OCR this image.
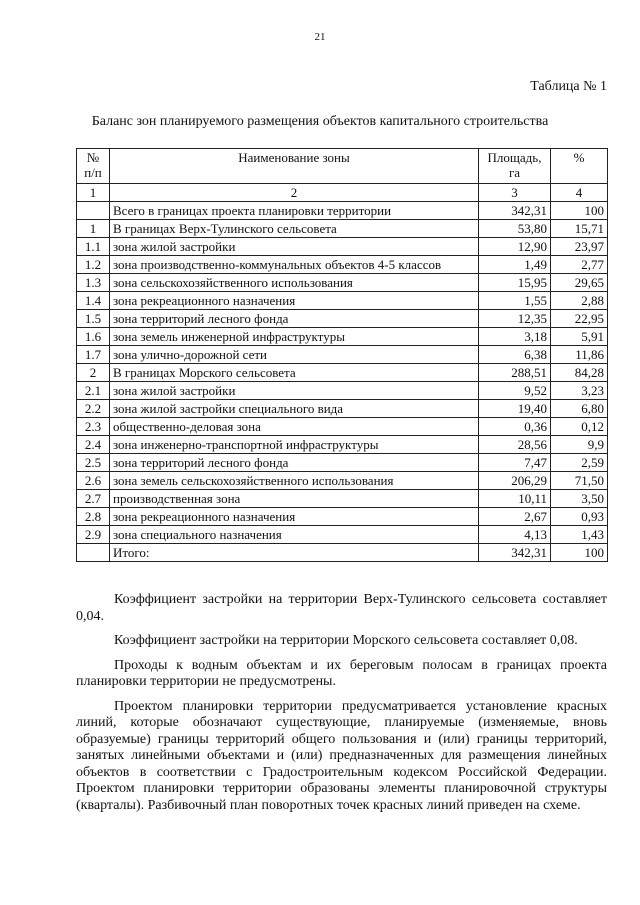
21
Таблица № 1
Баланс зон планируемого размещения объектов капитального строительства
№ п/п	Наименование зоны	Площадь, га	%
1	2	3	4
	Всего в границах проекта планировки территории	342,31	100
1	В границах Верх-Тулинского сельсовета	53,80	15,71
1.1	зона жилой застройки	12,90	23,97
1.2	зона производственно-коммунальных объектов 4-5 классов	1,49	2,77
1.3	зона сельскохозяйственного использования	15,95	29,65
1.4	зона рекреационного назначения	1,55	2,88
1.5	зона территорий лесного фонда	12,35	22,95
1.6	зона земель инженерной инфраструктуры	3,18	5,91
1.7	зона улично-дорожной сети	6,38	11,86
2	В границах Морского сельсовета	288,51	84,28
2.1	зона жилой застройки	9,52	3,23
2.2	зона жилой застройки специального вида	19,40	6,80
2.3	общественно-деловая зона	0,36	0,12
2.4	зона инженерно-транспортной инфраструктуры	28,56	9,9
2.5	зона территорий лесного фонда	7,47	2,59
2.6	зона земель сельскохозяйственного использования	206,29	71,50
2.7	производственная зона	10,11	3,50
2.8	зона рекреационного назначения	2,67	0,93
2.9	зона специального назначения	4,13	1,43
	Итого:	342,31	100

Коэффициент застройки на территории Верх-Тулинского сельсовета составляет 0,04.

Коэффициент застройки на территории Морского сельсовета составляет 0,08.

Проходы к водным объектам и их береговым полосам в границах проекта планировки территории не предусмотрены.

Проектом планировки территории предусматривается установление красных линий, которые обозначают существующие, планируемые (изменяемые, вновь образуемые) границы территорий общего пользования и (или) границы территорий, занятых линейными объектами и (или) предназначенных для размещения линейных объектов в соответствии с Градостроительным кодексом Российской Федерации. Проектом планировки территории образованы элементы планировочной структуры (кварталы). Разбивочный план поворотных точек красных линий приведен на схеме.
